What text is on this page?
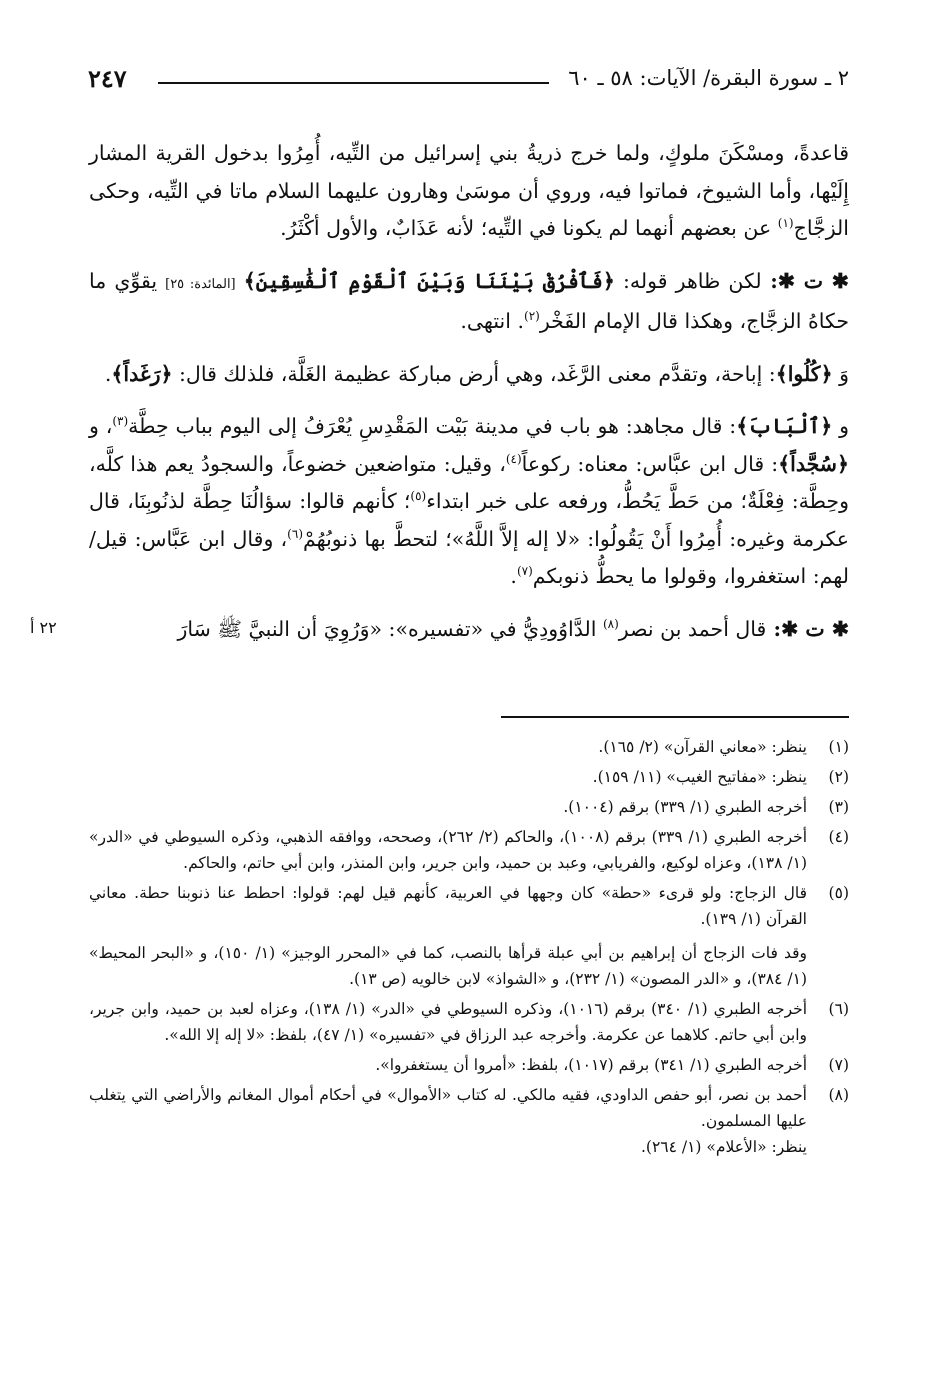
٢ ـ سورة البقرة/ الآيات: ٥٨ ـ ٦٠
٢٤٧

قاعدةً، ومسْكَنَ ملوكٍ، ولما خرج ذريةُ بني إسرائيل من التِّيه، أُمِرُوا بدخول القرية المشار إِلَيْها، وأما الشيوخ، فماتوا فيه، وروي أن موسَىٰ وهارون عليهما السلام ماتا في التِّيه، وحكى الزجَّاج$^{(١)}$ عن بعضهم أنهما لم يكونا في التِّيه؛ لأنه عَذَابٌ، والأول أكْثَرُ.

✱ ت ✱: لكن ظاهر قوله: ﴿فَٱفْرُقْ بَيْنَنَا وَبَيْنَ ٱلْقَوْمِ ٱلْفَٰسِقِينَ﴾ [المائدة: ٢٥] يقوِّي ما حكاهُ الزجَّاج، وهكذا قال الإمام الفَخْر$^{(٢)}$. انتهى.

وَ ﴿كُلُوا﴾: إباحة، وتقدَّم معنى الرَّغَد، وهي أرض مباركة عظيمة الغَلَّة، فلذلك قال: ﴿رَغَداً﴾.

و ﴿ٱلْبَابَ﴾: قال مجاهد: هو باب في مدينة بَيْت المَقْدِسِ يُعْرَفُ إلى اليوم بباب حِطَّة$^{(٣)}$، و ﴿سُجَّداً﴾: قال ابن عبَّاس: معناه: ركوعاً$^{(٤)}$، وقيل: متواضعين خضوعاً، والسجودُ يعم هذا كلَّه، وحِطَّة: فِعْلَةٌ؛ من حَطَّ يَحُطُّ، ورفعه على خبر ابتداء$^{(٥)}$؛ كأنهم قالوا: سؤالُنَا حِطَّة لذنُوبِنَا، قال عكرمة وغيره: أُمِرُوا أَنْ يَقُولُوا: «لا إله إلاَّ اللَّهُ»؛ لتحطَّ بها ذنوبُهُمْ$^{(٦)}$، وقال ابن عَبَّاس: قيل/ لهم: استغفروا، وقولوا ما يحطُّ ذنوبكم$^{(٧)}$.

✱ ت ✱: قال أحمد بن نصر$^{(٨)}$ الدَّاوُودِيُّ في «تفسيره»: «وَرُوِيَ أن النبيَّ ﷺ سَارَ

٢٢ أ
(١)
ينظر: «معاني القرآن» (٢/ ١٦٥).
(٢)
ينظر: «مفاتيح الغيب» (١١/ ١٥٩).
(٣)
أخرجه الطبري (١/ ٣٣٩) برقم (١٠٠٤).
(٤)
أخرجه الطبري (١/ ٣٣٩) برقم (١٠٠٨)، والحاكم (٢/ ٢٦٢)، وصححه، ووافقه الذهبي، وذكره السيوطي في «الدر» (١/ ١٣٨)، وعزاه لوكيع، والفريابي، وعبد بن حميد، وابن جرير، وابن المنذر، وابن أبي حاتم، والحاكم.
(٥)
قال الزجاج: ولو قرىء «حطة» كان وجهها في العربية، كأنهم قيل لهم: قولوا: احطط عنا ذنوبنا حطة. معاني القرآن (١/ ١٣٩).
وقد فات الزجاج أن إبراهيم بن أبي عبلة قرأها بالنصب، كما في «المحرر الوجيز» (١/ ١٥٠)، و «البحر المحيط» (١/ ٣٨٤)، و «الدر المصون» (١/ ٢٣٢)، و «الشواذ» لابن خالويه (ص ١٣).
(٦)
أخرجه الطبري (١/ ٣٤٠) برقم (١٠١٦)، وذكره السيوطي في «الدر» (١/ ١٣٨)، وعزاه لعبد بن حميد، وابن جرير، وابن أبي حاتم. كلاهما عن عكرمة. وأخرجه عبد الرزاق في «تفسيره» (١/ ٤٧)، بلفظ: «لا إله إلا الله».
(٧)
أخرجه الطبري (١/ ٣٤١) برقم (١٠١٧)، بلفظ: «أمروا أن يستغفروا».
(٨)
أحمد بن نصر، أبو حفص الداودي، فقيه مالكي. له كتاب «الأموال» في أحكام أموال المغانم والأراضي التي يتغلب عليها المسلمون.
ينظر: «الأعلام» (١/ ٢٦٤).
